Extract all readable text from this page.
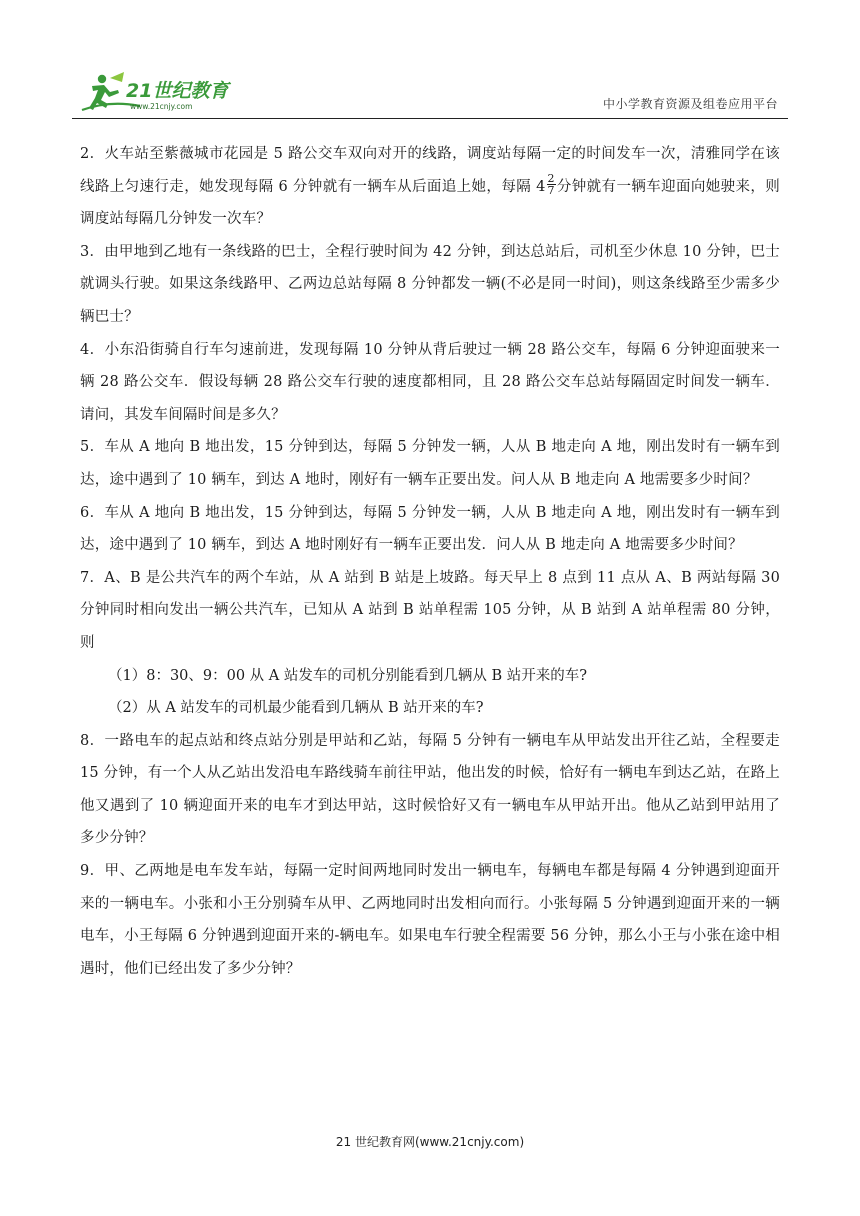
21世纪教育
www.21cnjy.com	中小学教育资源及组卷应用平台

2．火车站至紫薇城市花园是 5 路公交车双向对开的线路，调度站每隔一定的时间发车一次，清雅同学在该线路上匀速行走，她发现每隔 6 分钟就有一辆车从后面追上她，每隔 $4 \frac{2}{7}$ 分钟就有一辆车迎面向她驶来，则调度站每隔几分钟发一次车？

3．由甲地到乙地有一条线路的巴士，全程行驶时间为 42 分钟，到达总站后，司机至少休息 10 分钟，巴士就调头行驶。如果这条线路甲、乙两边总站每隔 8 分钟都发一辆(不必是同一时间)，则这条线路至少需多少辆巴士？

4．小东沿街骑自行车匀速前进，发现每隔 10 分钟从背后驶过一辆 28 路公交车，每隔 6 分钟迎面驶来一辆 28 路公交车．假设每辆 28 路公交车行驶的速度都相同，且 28 路公交车总站每隔固定时间发一辆车．请问，其发车间隔时间是多久？

5．车从 A 地向 B 地出发，15 分钟到达，每隔 5 分钟发一辆，人从 B 地走向 A 地，刚出发时有一辆车到达，途中遇到了 10 辆车，到达 A 地时，刚好有一辆车正要出发。问人从 B 地走向 A 地需要多少时间？

6．车从 A 地向 B 地出发，15 分钟到达，每隔 5 分钟发一辆，人从 B 地走向 A 地，刚出发时有一辆车到达，途中遇到了 10 辆车，到达 A 地时刚好有一辆车正要出发．问人从 B 地走向 A 地需要多少时间？

7．A、B 是公共汽车的两个车站，从 A 站到 B 站是上坡路。每天早上 8 点到 11 点从 A、B 两站每隔 30 分钟同时相向发出一辆公共汽车，已知从 A 站到 B 站单程需 105 分钟，从 B 站到 A 站单程需 80 分钟，则

（1）8：30、9：00 从 A 站发车的司机分别能看到几辆从 B 站开来的车?

（2）从 A 站发车的司机最少能看到几辆从 B 站开来的车?

8．一路电车的起点站和终点站分别是甲站和乙站，每隔 5 分钟有一辆电车从甲站发出开往乙站，全程要走 15 分钟，有一个人从乙站出发沿电车路线骑车前往甲站，他出发的时候，恰好有一辆电车到达乙站，在路上他又遇到了 10 辆迎面开来的电车才到达甲站，这时候恰好又有一辆电车从甲站开出。他从乙站到甲站用了多少分钟？

9．甲、乙两地是电车发车站，每隔一定时间两地同时发出一辆电车，每辆电车都是每隔 4 分钟遇到迎面开来的一辆电车。小张和小王分别骑车从甲、乙两地同时出发相向而行。小张每隔 5 分钟遇到迎面开来的一辆电车，小王每隔 6 分钟遇到迎面开来的-辆电车。如果电车行驶全程需要 56 分钟，那么小王与小张在途中相遇时，他们已经出发了多少分钟？

21 世纪教育网(www.21cnjy.com)
